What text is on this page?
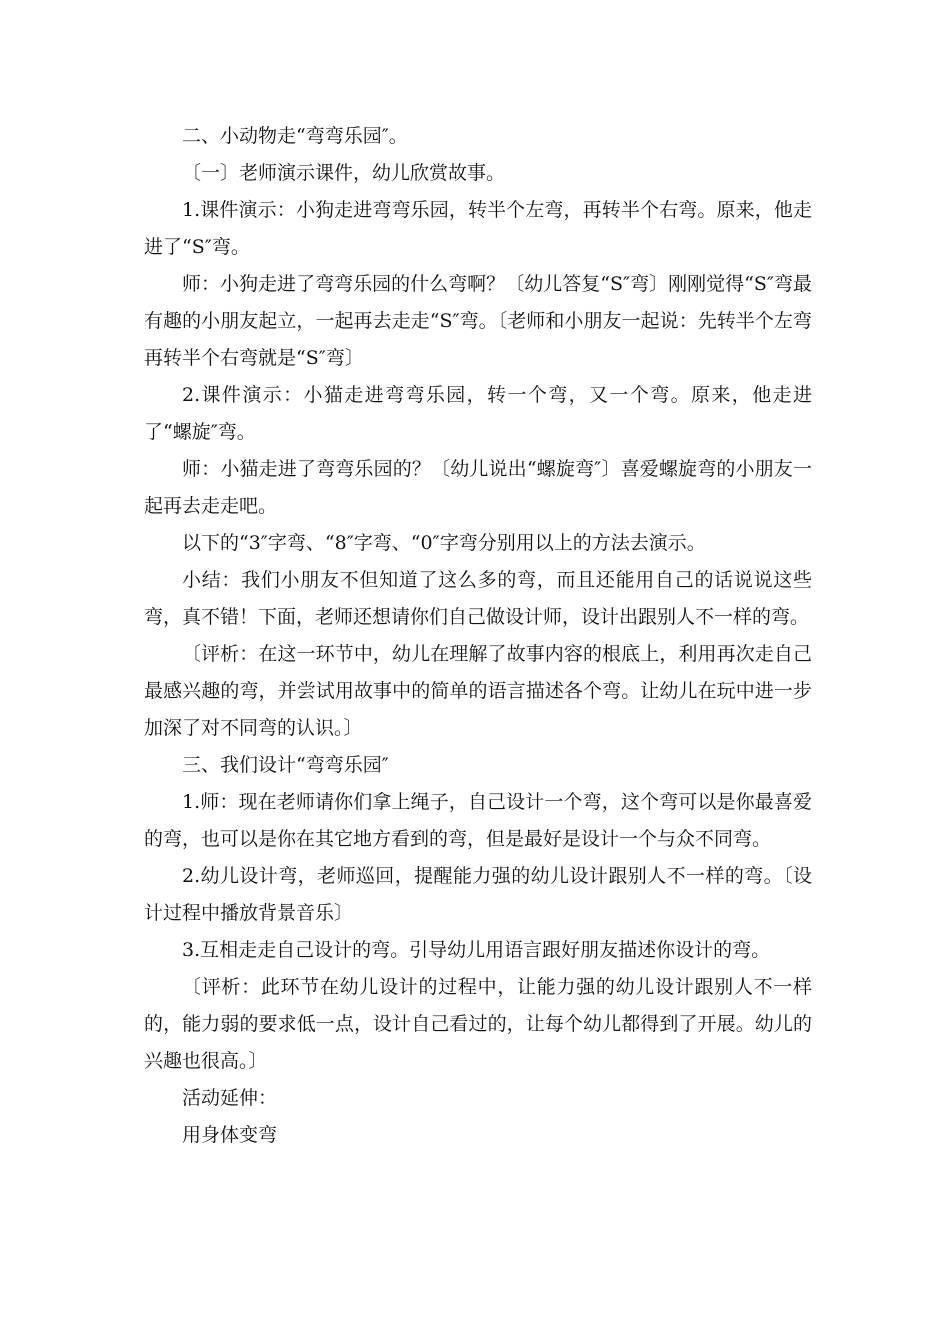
二、小动物走“弯弯乐园″。

〔一〕老师演示课件，幼儿欣赏故事。

1.课件演示：小狗走进弯弯乐园，转半个左弯，再转半个右弯。原来，他走进了“S″弯。

师：小狗走进了弯弯乐园的什么弯啊？〔幼儿答复“S″弯〕刚刚觉得“S″弯最有趣的小朋友起立，一起再去走走“S″弯。〔老师和小朋友一起说：先转半个左弯再转半个右弯就是“S″弯〕

2.课件演示：小猫走进弯弯乐园，转一个弯，又一个弯。原来，他走进了“螺旋″弯。

师：小猫走进了弯弯乐园的？〔幼儿说出“螺旋弯″〕喜爱螺旋弯的小朋友一起再去走走吧。

以下的“3″字弯、“8″字弯、“0″字弯分别用以上的方法去演示。

小结：我们小朋友不但知道了这么多的弯，而且还能用自己的话说说这些弯，真不错！下面，老师还想请你们自己做设计师，设计出跟别人不一样的弯。

〔评析：在这一环节中，幼儿在理解了故事内容的根底上，利用再次走自己最感兴趣的弯，并尝试用故事中的简单的语言描述各个弯。让幼儿在玩中进一步加深了对不同弯的认识。〕

三、我们设计“弯弯乐园″

1.师：现在老师请你们拿上绳子，自己设计一个弯，这个弯可以是你最喜爱的弯，也可以是你在其它地方看到的弯，但是最好是设计一个与众不同弯。

2.幼儿设计弯，老师巡回，提醒能力强的幼儿设计跟别人不一样的弯。〔设计过程中播放背景音乐〕

3.互相走走自己设计的弯。引导幼儿用语言跟好朋友描述你设计的弯。

〔评析：此环节在幼儿设计的过程中，让能力强的幼儿设计跟别人不一样的，能力弱的要求低一点，设计自己看过的，让每个幼儿都得到了开展。幼儿的兴趣也很高。〕

活动延伸：

用身体变弯
